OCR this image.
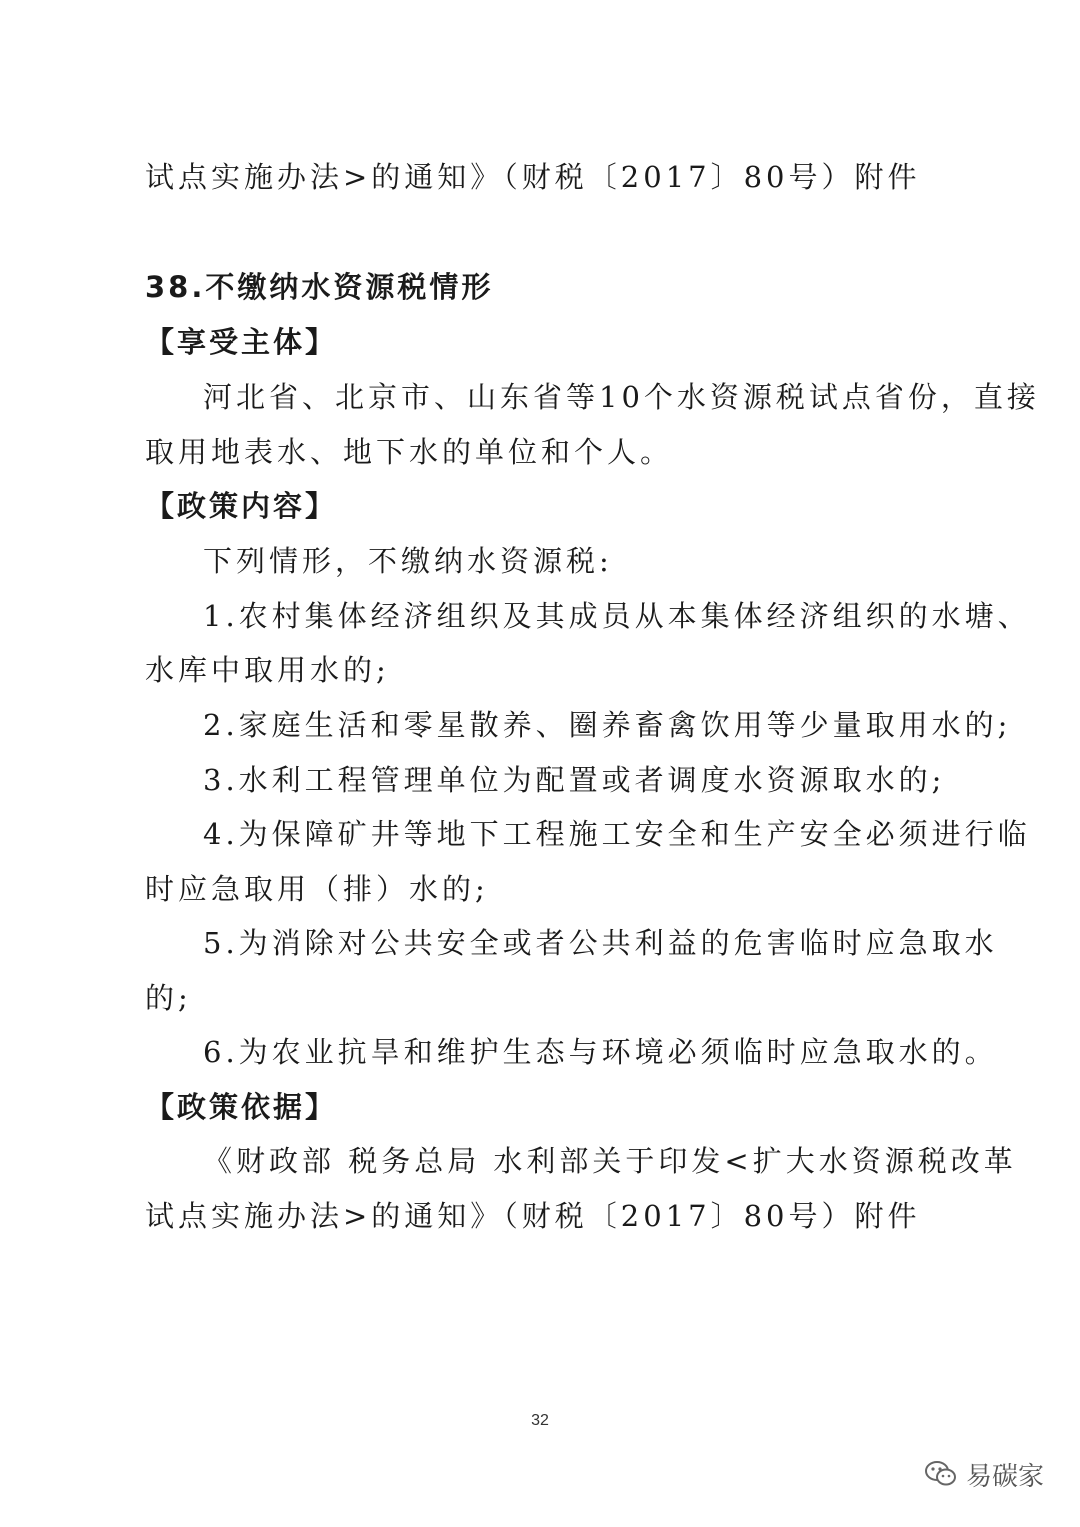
试点实施办法>的通知》（财税〔2017〕80号）附件
38.不缴纳水资源税情形
【享受主体】
河北省、北京市、山东省等10个水资源税试点省份，直接
取用地表水、地下水的单位和个人。
【政策内容】
下列情形，不缴纳水资源税:
1.农村集体经济组织及其成员从本集体经济组织的水塘、
水库中取用水的;
2.家庭生活和零星散养、圈养畜禽饮用等少量取用水的;
3.水利工程管理单位为配置或者调度水资源取水的;
4.为保障矿井等地下工程施工安全和生产安全必须进行临
时应急取用（排）水的;
5.为消除对公共安全或者公共利益的危害临时应急取水
的;
6.为农业抗旱和维护生态与环境必须临时应急取水的。
【政策依据】
《财政部 税务总局 水利部关于印发<扩大水资源税改革
试点实施办法>的通知》（财税〔2017〕80号）附件
32
易碳家
